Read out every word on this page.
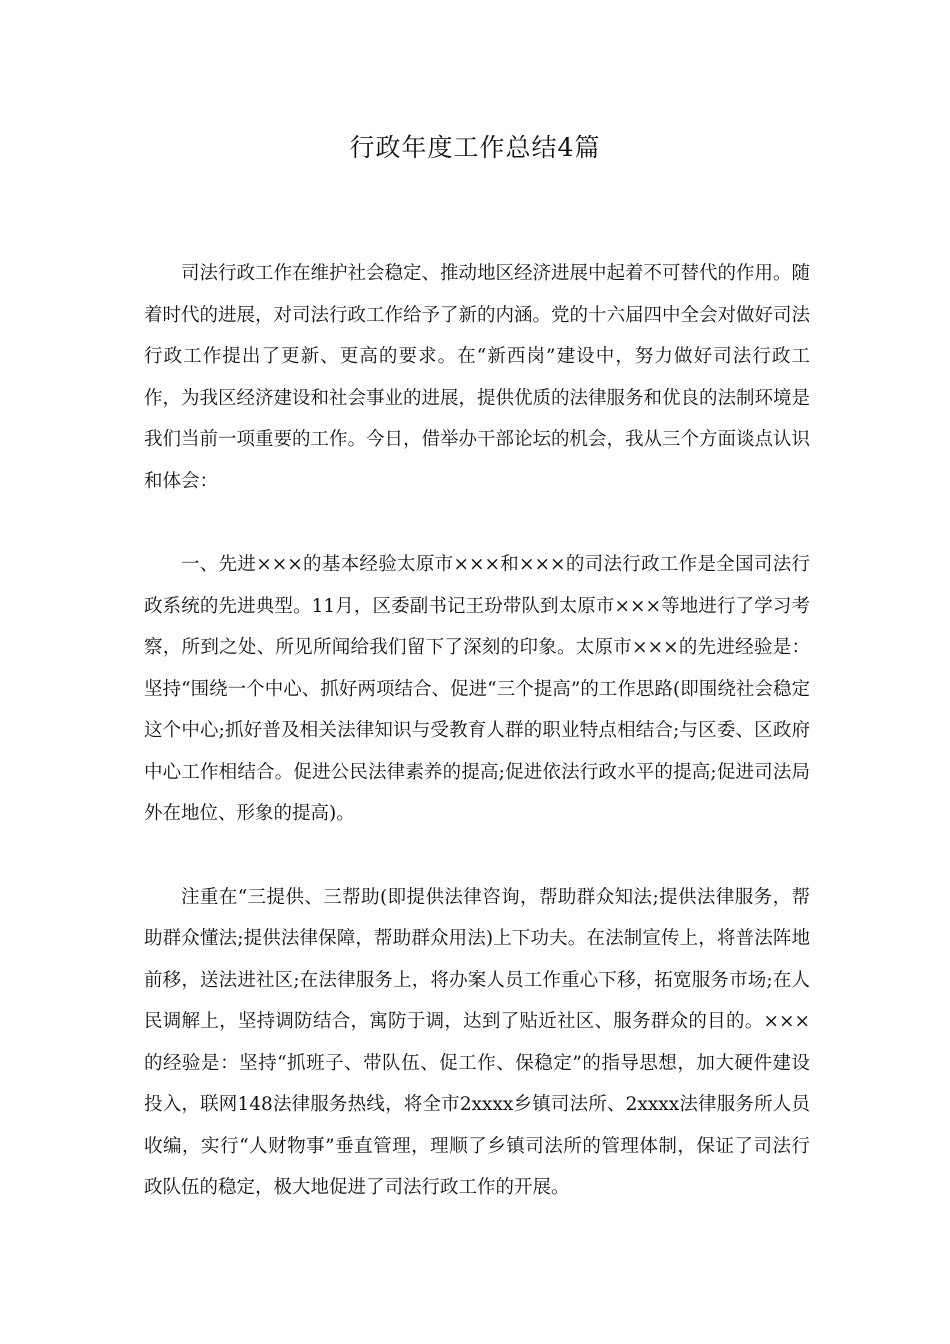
行政年度工作总结4篇

司法行政工作在维护社会稳定、推动地区经济进展中起着不可替代的作用。随着时代的进展，对司法行政工作给予了新的内涵。党的十六届四中全会对做好司法行政工作提出了更新、更高的要求。在“新西岗”建设中，努力做好司法行政工作，为我区经济建设和社会事业的进展，提供优质的法律服务和优良的法制环境是我们当前一项重要的工作。今日，借举办干部论坛的机会，我从三个方面谈点认识和体会：

一、先进×××的基本经验太原市×××和×××的司法行政工作是全国司法行政系统的先进典型。11月，区委副书记王玢带队到太原市×××等地进行了学习考察，所到之处、所见所闻给我们留下了深刻的印象。太原市×××的先进经验是：坚持“围绕一个中心、抓好两项结合、促进“三个提高”的工作思路(即围绕社会稳定这个中心;抓好普及相关法律知识与受教育人群的职业特点相结合;与区委、区政府中心工作相结合。促进公民法律素养的提高;促进依法行政水平的提高;促进司法局外在地位、形象的提高)。

注重在“三提供、三帮助(即提供法律咨询，帮助群众知法;提供法律服务，帮助群众懂法;提供法律保障，帮助群众用法)上下功夫。在法制宣传上，将普法阵地前移，送法进社区;在法律服务上，将办案人员工作重心下移，拓宽服务市场;在人民调解上，坚持调防结合，寓防于调，达到了贴近社区、服务群众的目的。×××的经验是：坚持“抓班子、带队伍、促工作、保稳定”的指导思想，加大硬件建设投入，联网148法律服务热线，将全市2xxxx乡镇司法所、2xxxx法律服务所人员收编，实行“人财物事”垂直管理，理顺了乡镇司法所的管理体制，保证了司法行政队伍的稳定，极大地促进了司法行政工作的开展。
